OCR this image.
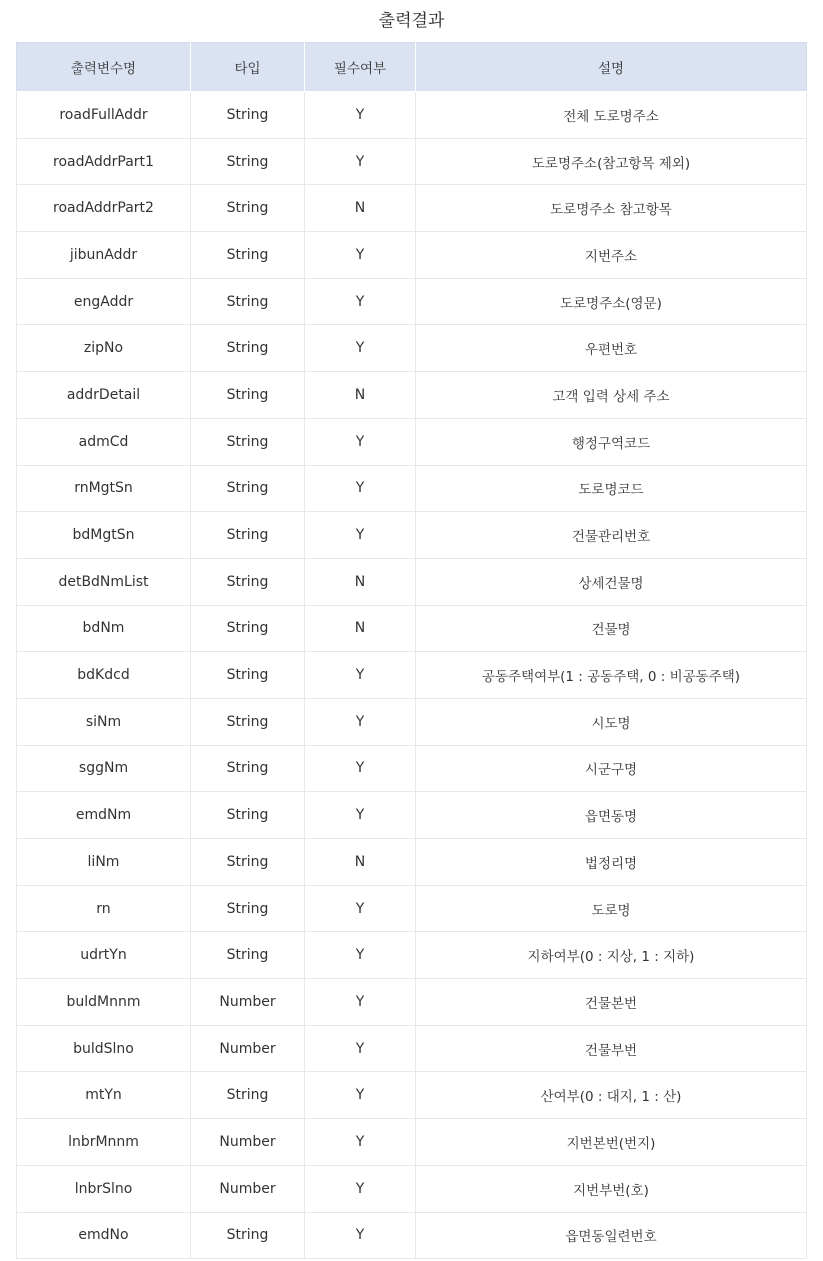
출력결과
출력변수명	타입	필수여부	설명
roadFullAddr	String	Y	전체 도로명주소
roadAddrPart1	String	Y	도로명주소(참고항목 제외)
roadAddrPart2	String	N	도로명주소 참고항목
jibunAddr	String	Y	지번주소
engAddr	String	Y	도로명주소(영문)
zipNo	String	Y	우편번호
addrDetail	String	N	고객 입력 상세 주소
admCd	String	Y	행정구역코드
rnMgtSn	String	Y	도로명코드
bdMgtSn	String	Y	건물관리번호
detBdNmList	String	N	상세건물명
bdNm	String	N	건물명
bdKdcd	String	Y	공동주택여부(1 : 공동주택, 0 : 비공동주택)
siNm	String	Y	시도명
sggNm	String	Y	시군구명
emdNm	String	Y	읍면동명
liNm	String	N	법정리명
rn	String	Y	도로명
udrtYn	String	Y	지하여부(0 : 지상, 1 : 지하)
buldMnnm	Number	Y	건물본번
buldSlno	Number	Y	건물부번
mtYn	String	Y	산여부(0 : 대지, 1 : 산)
lnbrMnnm	Number	Y	지번본번(번지)
lnbrSlno	Number	Y	지번부번(호)
emdNo	String	Y	읍면동일련번호
